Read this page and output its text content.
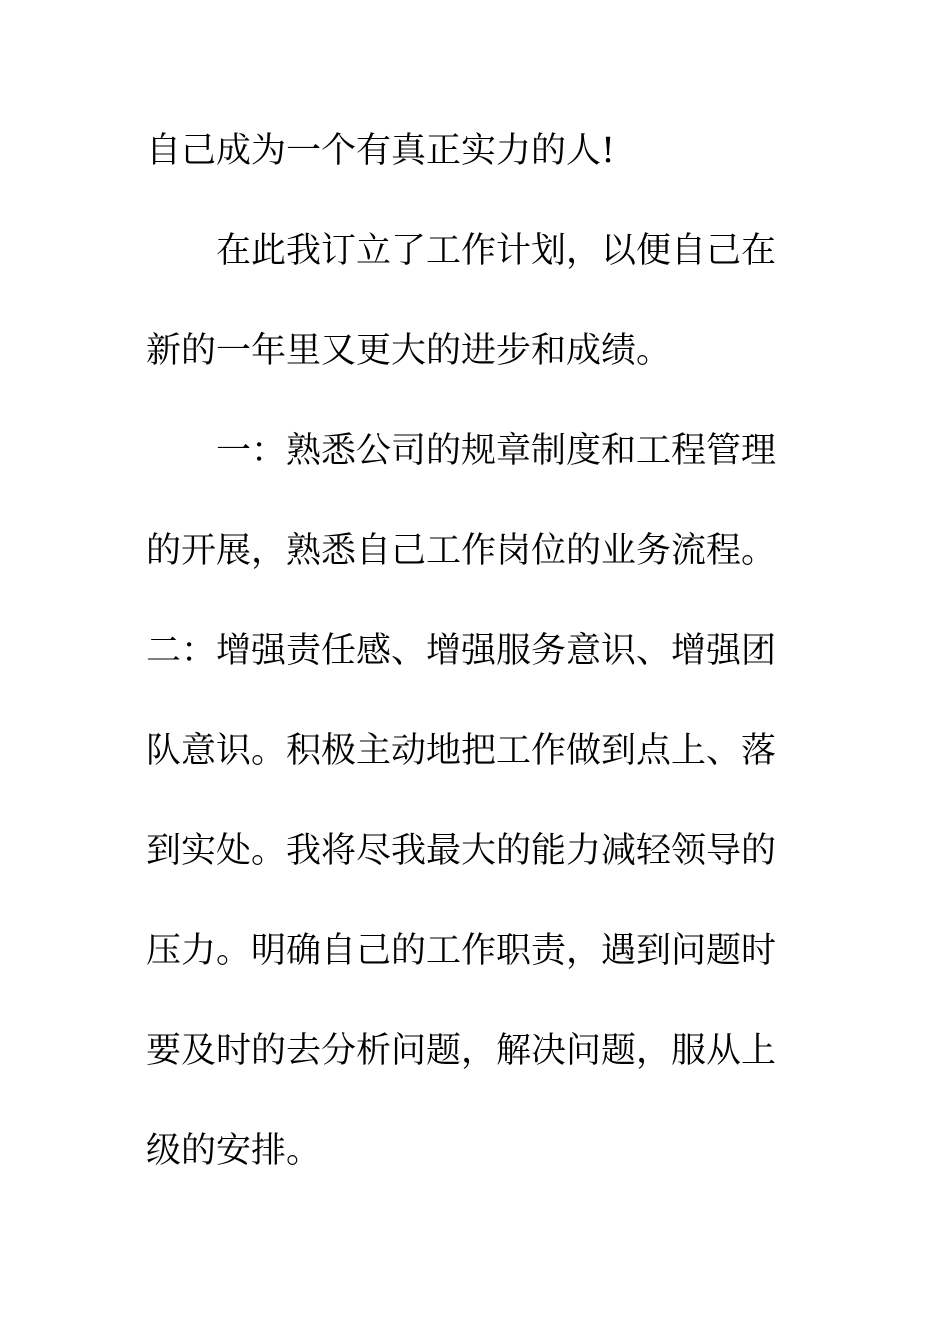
自己成为一个有真正实力的人!
在此我订立了工作计划，以便自己在
新的一年里又更大的进步和成绩。
一：熟悉公司的规章制度和工程管理
的开展，熟悉自己工作岗位的业务流程。
二：增强责任感、增强服务意识、增强团
队意识。积极主动地把工作做到点上、落
到实处。我将尽我最大的能力减轻领导的
压力。明确自己的工作职责，遇到问题时
要及时的去分析问题，解决问题，服从上
级的安排。
